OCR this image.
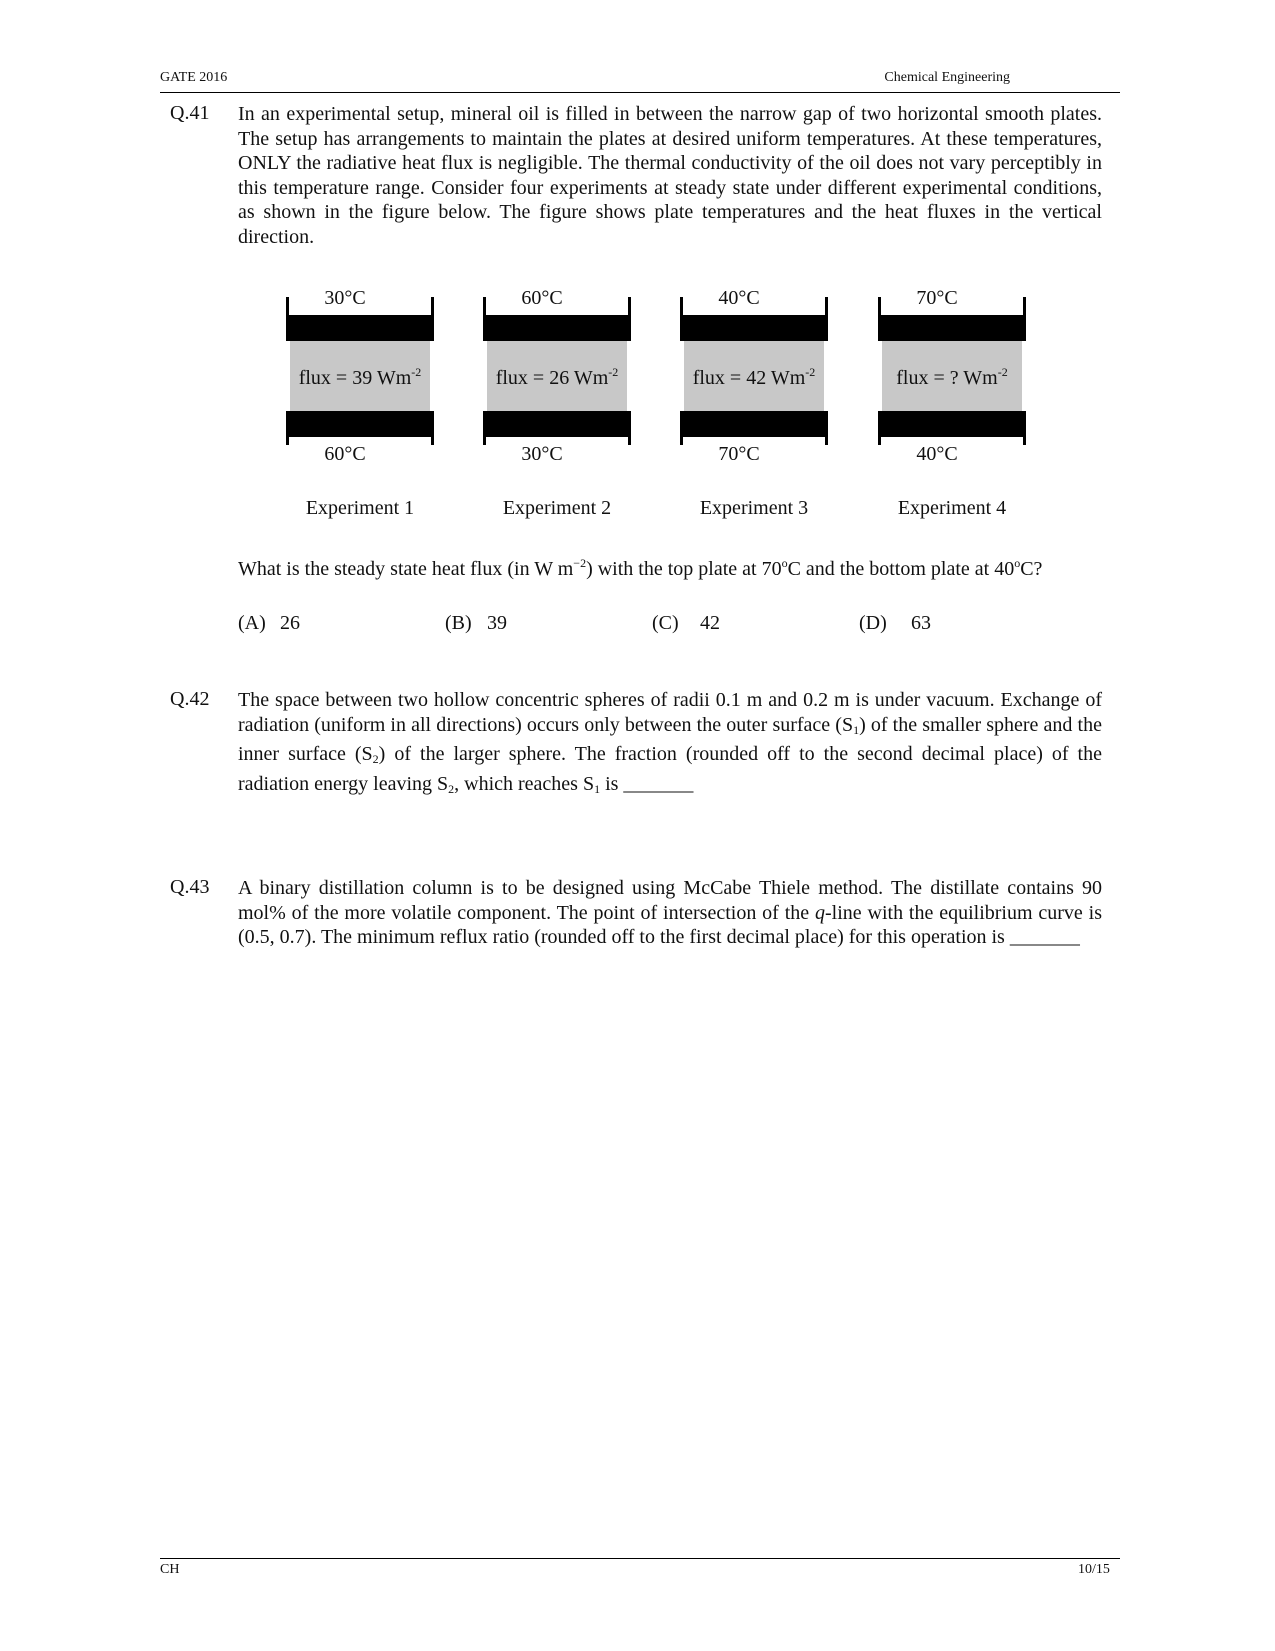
GATE 2016	Chemical Engineering
Q.41 In an experimental setup, mineral oil is filled in between the narrow gap of two horizontal smooth plates. The setup has arrangements to maintain the plates at desired uniform temperatures. At these temperatures, ONLY the radiative heat flux is negligible. The thermal conductivity of the oil does not vary perceptibly in this temperature range. Consider four experiments at steady state under different experimental conditions, as shown in the figure below. The figure shows plate temperatures and the heat fluxes in the vertical direction.
30°C
flux = 39 $Wm^{-2}$
60°C
Experiment 1
60°C
flux = 26 $Wm^{-2}$
30°C
Experiment 2
40°C
flux = 42 $Wm^{-2}$
70°C
Experiment 3
70°C
flux = ? $Wm^{-2}$
40°C
Experiment 4
What is the steady state heat flux (in W $m^{-2}$) with the top plate at 70$^o$C and the bottom plate at 40$^o$C?
(A) 26	(B) 39	(C) 42	(D) 63
Q.42 The space between two hollow concentric spheres of radii 0.1 m and 0.2 m is under vacuum. Exchange of radiation (uniform in all directions) occurs only between the outer surface $(S_1)$ of the smaller sphere and the inner surface $(S_2)$ of the larger sphere. The fraction (rounded off to the second decimal place) of the radiation energy leaving $S_2$, which reaches $S_1$ is _______
Q.43 A binary distillation column is to be designed using McCabe Thiele method. The distillate contains 90 mol% of the more volatile component. The point of intersection of the q-line with the equilibrium curve is (0.5, 0.7). The minimum reflux ratio (rounded off to the first decimal place) for this operation is _______
CH	10/15
